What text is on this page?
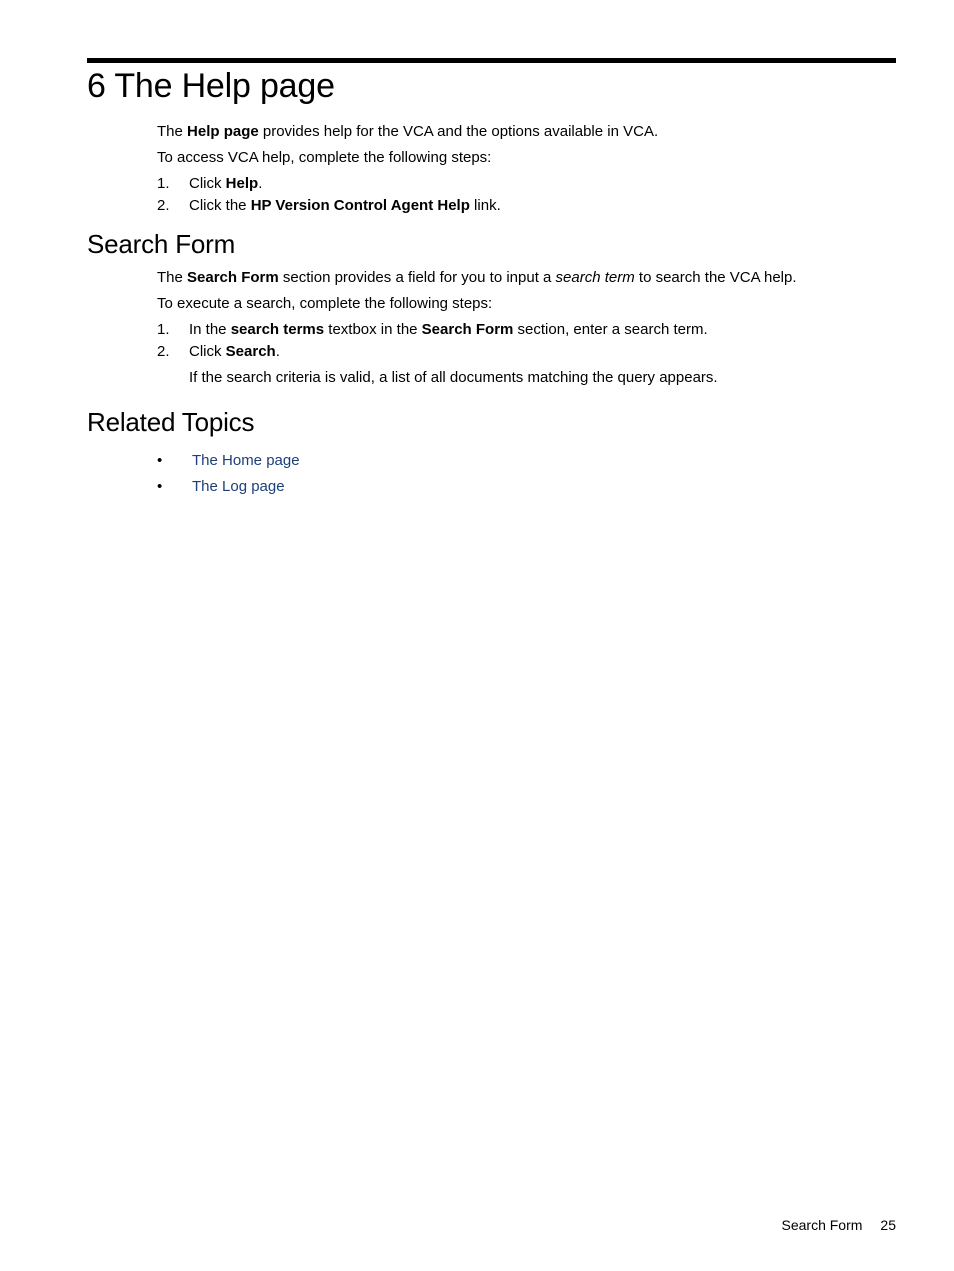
6 The Help page

The Help page provides help for the VCA and the options available in VCA.

To access VCA help, complete the following steps:

1. Click Help.
2. Click the HP Version Control Agent Help link.
Search Form

The Search Form section provides a field for you to input a search term to search the VCA help.

To execute a search, complete the following steps:

1. In the search terms textbox in the Search Form section, enter a search term.
2. Click Search.

If the search criteria is valid, a list of all documents matching the query appears.

Related Topics
• The Home page
• The Log page
Search Form 25
